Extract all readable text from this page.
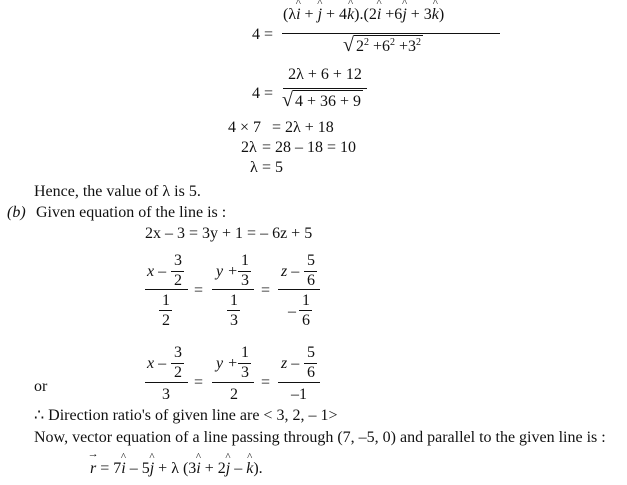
4 =
(λi ^ + j ^ + 4k ^).(2i ^ +6j ^ + 3k ^)
√ $2^2 +6^2 +3^2$
4 =
2λ + 6 + 12
√ 4 + 36 + 9
4 × 7 = 2λ + 18
2λ = 28 – 18 = 10
λ = 5
Hence, the value of λ is 5.
(b) Given equation of the line is :
2x – 3 = 3y + 1 = – 6z + 5
x –
3
2
1
2
=
y +
1
3
1
3
=
z –
5
6
–
1
6
or
x –
3
2
3
=
y +
1
3
2
=
z –
5
6
–1
∴ Direction ratio's of given line are < 3, 2, – 1>
Now, vector equation of a line passing through (7, –5, 0) and parallel to the given line is :
r → = 7i ^ – 5j ^ + λ (3i ^ + 2j ^ – k ^).
